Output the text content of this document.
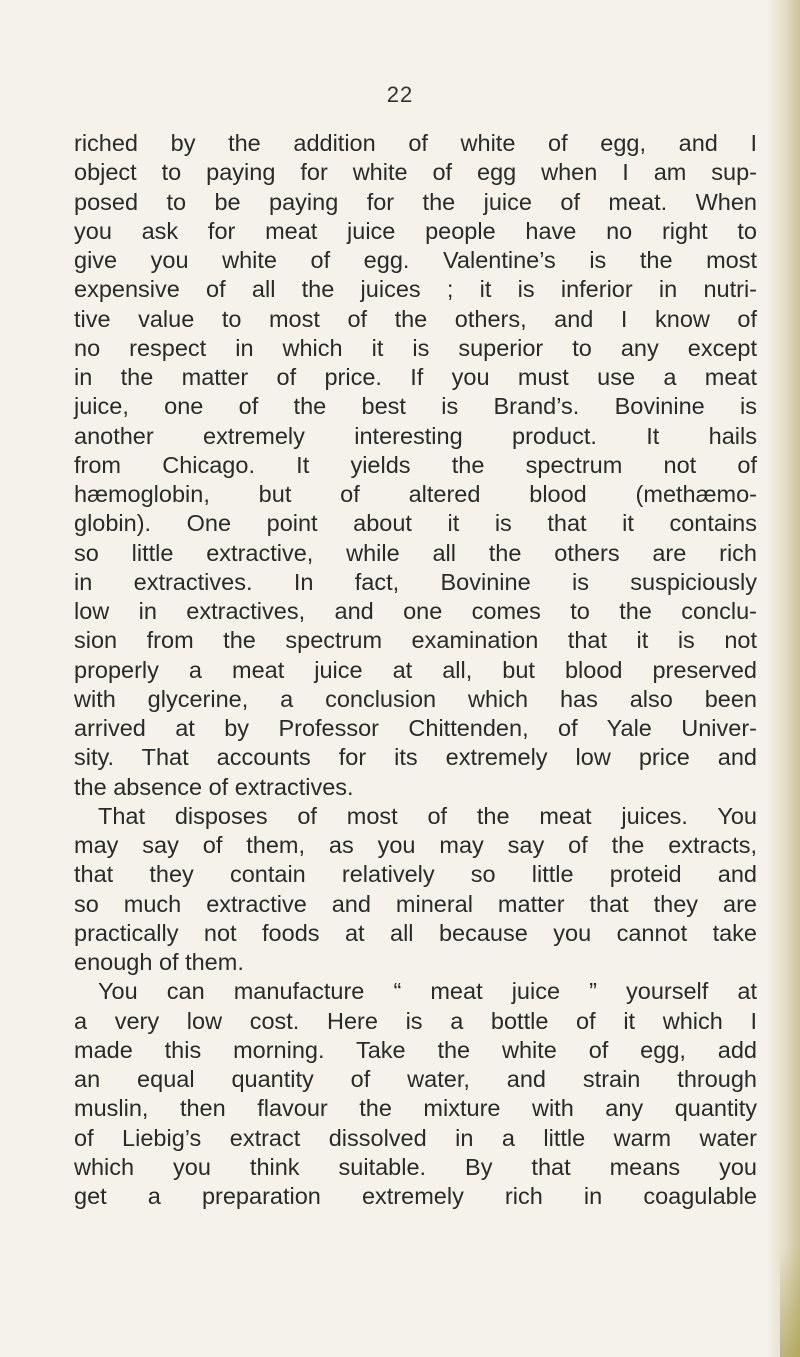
22
riched by the addition of white of egg, and I
object to paying for white of egg when I am sup-
posed to be paying for the juice of meat. When
you ask for meat juice people have no right to
give you white of egg. Valentine’s is the most
expensive of all the juices ; it is inferior in nutri-
tive value to most of the others, and I know of
no respect in which it is superior to any except
in the matter of price. If you must use a meat
juice, one of the best is Brand’s. Bovinine is
another extremely interesting product. It hails
from Chicago. It yields the spectrum not of
hæmoglobin, but of altered blood (methæmo-
globin). One point about it is that it contains
so little extractive, while all the others are rich
in extractives. In fact, Bovinine is suspiciously
low in extractives, and one comes to the conclu-
sion from the spectrum examination that it is not
properly a meat juice at all, but blood preserved
with glycerine, a conclusion which has also been
arrived at by Professor Chittenden, of Yale Univer-
sity. That accounts for its extremely low price and
the absence of extractives.
That disposes of most of the meat juices. You
may say of them, as you may say of the extracts,
that they contain relatively so little proteid and
so much extractive and mineral matter that they are
practically not foods at all because you cannot take
enough of them.
You can manufacture “ meat juice ” yourself at
a very low cost. Here is a bottle of it which I
made this morning. Take the white of egg, add
an equal quantity of water, and strain through
muslin, then flavour the mixture with any quantity
of Liebig’s extract dissolved in a little warm water
which you think suitable. By that means you
get a preparation extremely rich in coagulable
